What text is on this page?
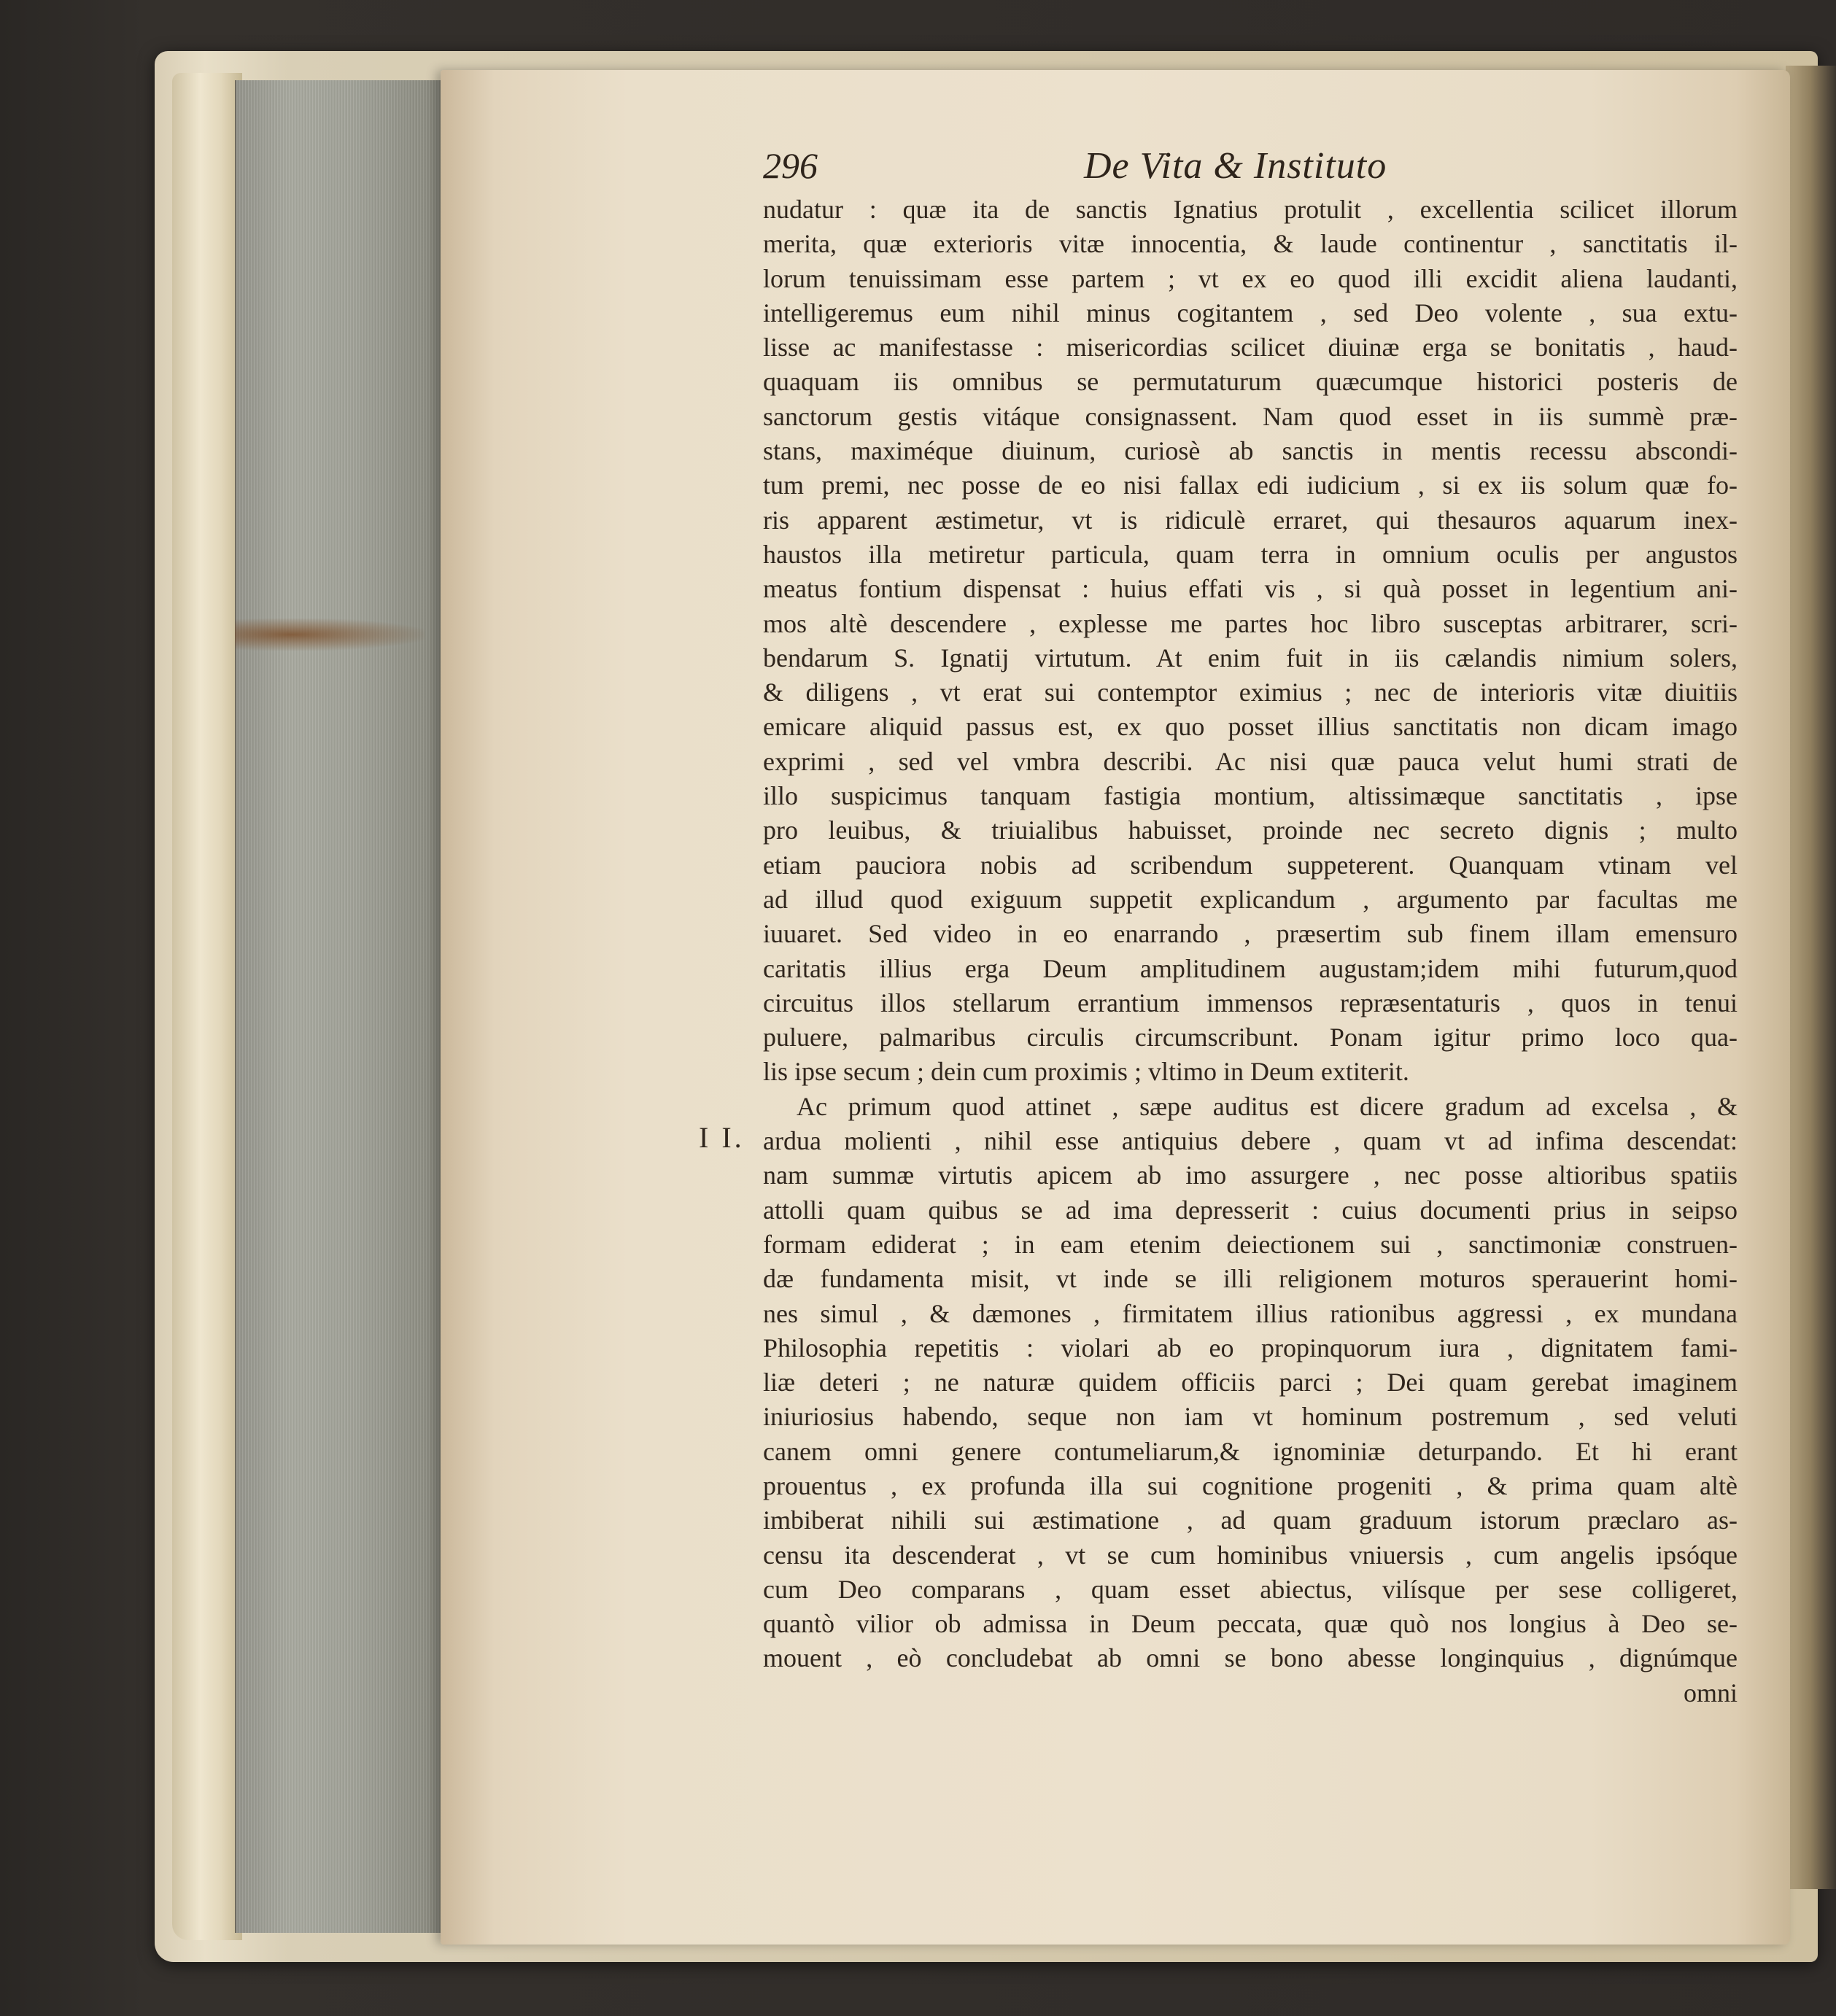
296	De Vita & Instituto
I I.
nudatur : quæ ita de sanctis Ignatius protulit , excellentia scilicet illorum
merita, quæ exterioris vitæ innocentia, & laude continentur , sanctitatis il-
lorum tenuissimam esse partem ; vt ex eo quod illi excidit aliena laudanti,
intelligeremus eum nihil minus cogitantem , sed Deo volente , sua extu-
lisse ac manifestasse : misericordias scilicet diuinæ erga se bonitatis , haud-
quaquam iis omnibus se permutaturum quæcumque historici posteris de
sanctorum gestis vitáque consignassent. Nam quod esset in iis summè præ-
stans, maximéque diuinum, curiosè ab sanctis in mentis recessu abscondi-
tum premi, nec posse de eo nisi fallax edi iudicium , si ex iis solum quæ fo-
ris apparent æstimetur, vt is ridiculè erraret, qui thesauros aquarum inex-
haustos illa metiretur particula, quam terra in omnium oculis per angustos
meatus fontium dispensat : huius effati vis , si quà posset in legentium ani-
mos altè descendere , explesse me partes hoc libro susceptas arbitrarer, scri-
bendarum S. Ignatij virtutum. At enim fuit in iis cælandis nimium solers,
& diligens , vt erat sui contemptor eximius ; nec de interioris vitæ diuitiis
emicare aliquid passus est, ex quo posset illius sanctitatis non dicam imago
exprimi , sed vel vmbra describi. Ac nisi quæ pauca velut humi strati de
illo suspicimus tanquam fastigia montium, altissimæque sanctitatis , ipse
pro leuibus, & triuialibus habuisset, proinde nec secreto dignis ; multo
etiam pauciora nobis ad scribendum suppeterent. Quanquam vtinam vel
ad illud quod exiguum suppetit explicandum , argumento par facultas me
iuuaret. Sed video in eo enarrando , præsertim sub finem illam emensuro
caritatis illius erga Deum amplitudinem augustam;idem mihi futurum,quod
circuitus illos stellarum errantium immensos repræsentaturis , quos in tenui
puluere, palmaribus circulis circumscribunt. Ponam igitur primo loco qua-
lis ipse secum ; dein cum proximis ; vltimo in Deum extiterit.
Ac primum quod attinet , sæpe auditus est dicere gradum ad excelsa , &
ardua molienti , nihil esse antiquius debere , quam vt ad infima descendat:
nam summæ virtutis apicem ab imo assurgere , nec posse altioribus spatiis
attolli quam quibus se ad ima depresserit : cuius documenti prius in seipso
formam ediderat ; in eam etenim deiectionem sui , sanctimoniæ construen-
dæ fundamenta misit, vt inde se illi religionem moturos sperauerint homi-
nes simul , & dæmones , firmitatem illius rationibus aggressi , ex mundana
Philosophia repetitis : violari ab eo propinquorum iura , dignitatem fami-
liæ deteri ; ne naturæ quidem officiis parci ; Dei quam gerebat imaginem
iniuriosius habendo, seque non iam vt hominum postremum , sed veluti
canem omni genere contumeliarum,& ignominiæ deturpando. Et hi erant
prouentus , ex profunda illa sui cognitione progeniti , & prima quam altè
imbiberat nihili sui æstimatione , ad quam graduum istorum præclaro as-
censu ita descenderat , vt se cum hominibus vniuersis , cum angelis ipsóque
cum Deo comparans , quam esset abiectus, vilísque per sese colligeret,
quantò vilior ob admissa in Deum peccata, quæ quò nos longius à Deo se-
mouent , eò concludebat ab omni se bono abesse longinquius , dignúmque
omni
